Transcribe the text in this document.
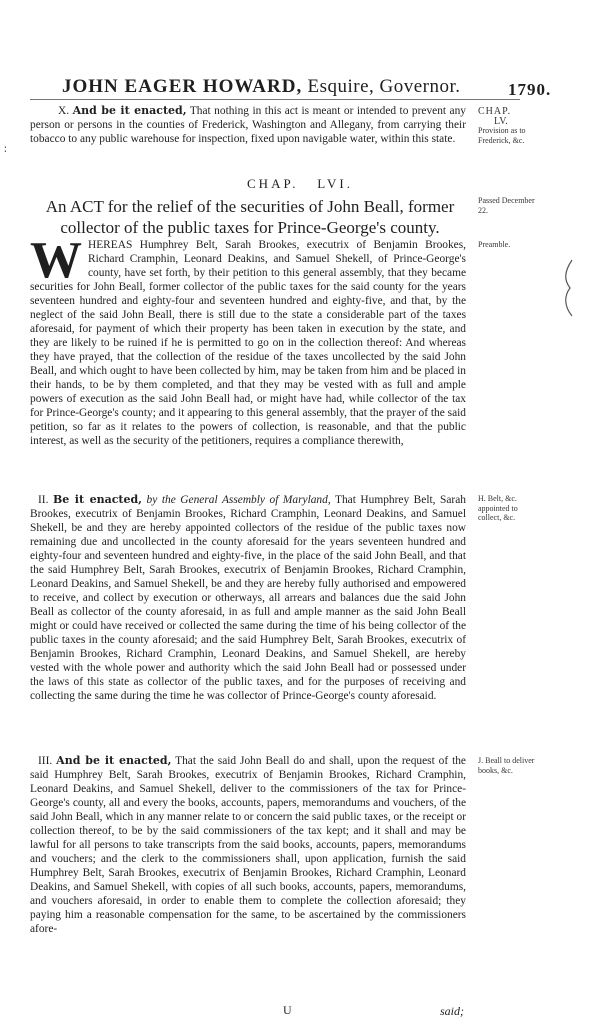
JOHN EAGER HOWARD, Esquire, Governor.	1790.

X. And be it enacted, That nothing in this act is meant or intended to prevent any person or persons in the counties of Frederick, Washington and Allegany, from carrying their tobacco to any public warehouse for inspection, fixed upon navigable water, within this state.

CHAP.
LV.
Provision as to Frederick, &c.
∶
CHAP. LVI.
An ACT for the relief of the securities of John Beall, former collector of the public taxes for Prince-George's county.
Passed December 22.

W HEREAS Humphrey Belt, Sarah Brookes, executrix of Benjamin Brookes, Richard Cramphin, Leonard Deakins, and Samuel Shekell, of Prince-George's county, have set forth, by their petition to this general assembly, that they became securities for John Beall, former collector of the public taxes for the said county for the years seventeen hundred and eighty-four and seventeen hundred and eighty-five, and that, by the neglect of the said John Beall, there is still due to the state a considerable part of the taxes aforesaid, for payment of which their property has been taken in execution by the state, and they are likely to be ruined if he is permitted to go on in the collection thereof: And whereas they have prayed, that the collection of the residue of the taxes uncollected by the said John Beall, and which ought to have been collected by him, may be taken from him and be placed in their hands, to be by them completed, and that they may be vested with as full and ample powers of execution as the said John Beall had, or might have had, while collector of the tax for Prince-George's county; and it appearing to this general assembly, that the prayer of the said petition, so far as it relates to the powers of collection, is reasonable, and that the public interest, as well as the security of the petitioners, requires a compliance therewith,

Preamble.

II. Be it enacted, by the General Assembly of Maryland, That Humphrey Belt, Sarah Brookes, executrix of Benjamin Brookes, Richard Cramphin, Leonard Deakins, and Samuel Shekell, be and they are hereby appointed collectors of the residue of the public taxes now remaining due and uncollected in the county aforesaid for the years seventeen hundred and eighty-four and seventeen hundred and eighty-five, in the place of the said John Beall, and that the said Humphrey Belt, Sarah Brookes, executrix of Benjamin Brookes, Richard Cramphin, Leonard Deakins, and Samuel Shekell, be and they are hereby fully authorised and empowered to receive, and collect by execution or otherways, all arrears and balances due the said John Beall as collector of the county aforesaid, in as full and ample manner as the said John Beall might or could have received or collected the same during the time of his being collector of the public taxes in the county aforesaid; and the said Humphrey Belt, Sarah Brookes, executrix of Benjamin Brookes, Richard Cramphin, Leonard Deakins, and Samuel Shekell, are hereby vested with the whole power and authority which the said John Beall had or possessed under the laws of this state as collector of the public taxes, and for the purposes of receiving and collecting the same during the time he was collector of Prince-George's county aforesaid.

H. Belt, &c. appointed to collect, &c.

III. And be it enacted, That the said John Beall do and shall, upon the request of the said Humphrey Belt, Sarah Brookes, executrix of Benjamin Brookes, Richard Cramphin, Leonard Deakins, and Samuel Shekell, deliver to the commissioners of the tax for Prince-George's county, all and every the books, accounts, papers, memorandums and vouchers, of the said John Beall, which in any manner relate to or concern the said public taxes, or the receipt or collection thereof, to be by the said commissioners of the tax kept; and it shall and may be lawful for all persons to take transcripts from the said books, accounts, papers, memorandums and vouchers; and the clerk to the commissioners shall, upon application, furnish the said Humphrey Belt, Sarah Brookes, executrix of Benjamin Brookes, Richard Cramphin, Leonard Deakins, and Samuel Shekell, with copies of all such books, accounts, papers, memorandums, and vouchers aforesaid, in order to enable them to complete the collection aforesaid; they paying him a reasonable compensation for the same, to be ascertained by the commissioners afore-

J. Beall to deliver books, &c.
U	said;
